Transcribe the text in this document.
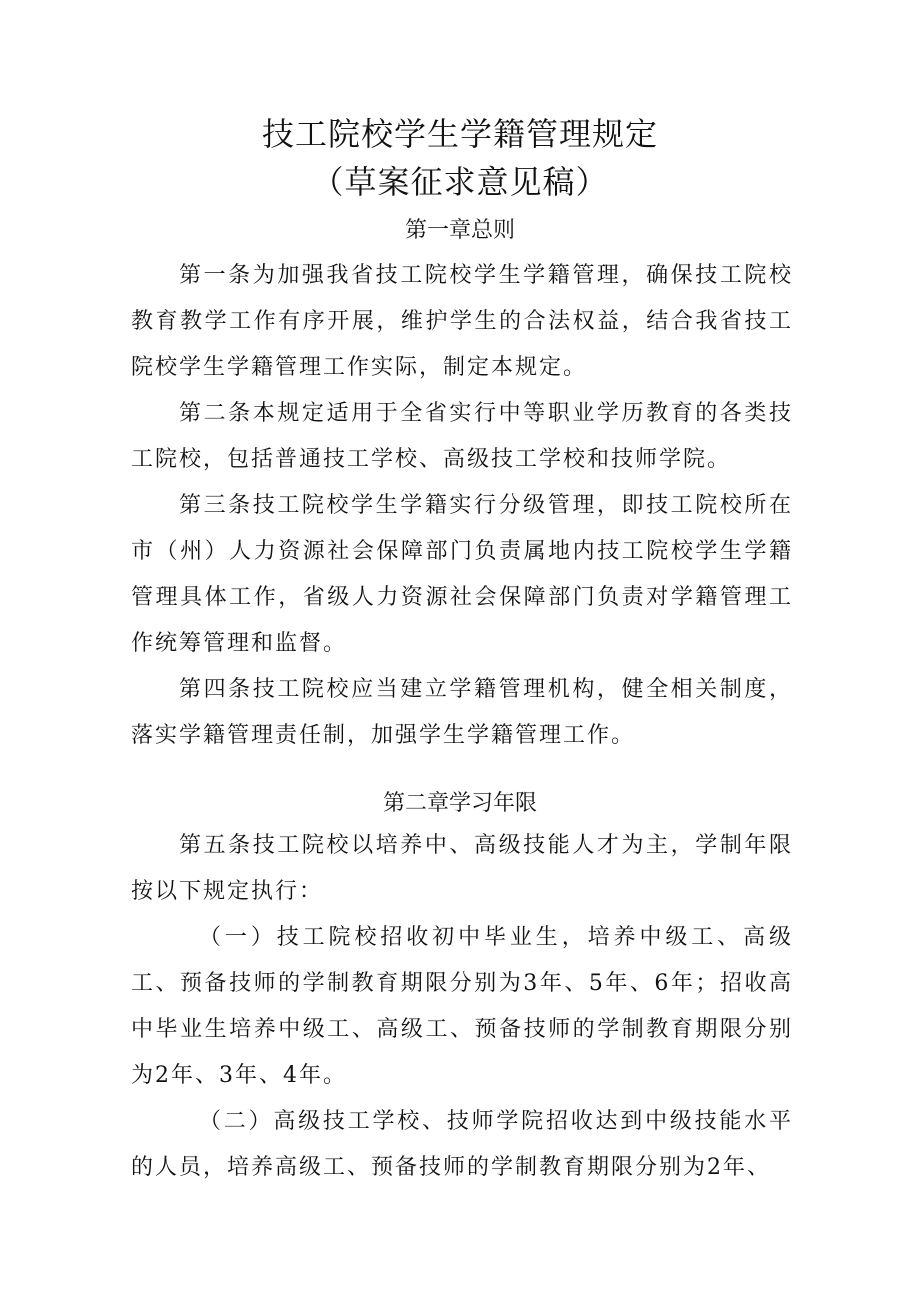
技工院校学生学籍管理规定
（草案征求意见稿）
第一章总则

第一条为加强我省技工院校学生学籍管理，确保技工院校教育教学工作有序开展，维护学生的合法权益，结合我省技工院校学生学籍管理工作实际，制定本规定。

第二条本规定适用于全省实行中等职业学历教育的各类技工院校，包括普通技工学校、高级技工学校和技师学院。

第三条技工院校学生学籍实行分级管理，即技工院校所在市（州）人力资源社会保障部门负责属地内技工院校学生学籍管理具体工作，省级人力资源社会保障部门负责对学籍管理工作统筹管理和监督。

第四条技工院校应当建立学籍管理机构，健全相关制度，落实学籍管理责任制，加强学生学籍管理工作。

第二章学习年限

第五条技工院校以培养中、高级技能人才为主，学制年限按以下规定执行：

（一）技工院校招收初中毕业生，培养中级工、高级工、预备技师的学制教育期限分别为3年、5年、6年；招收高中毕业生培养中级工、高级工、预备技师的学制教育期限分别为2年、3年、4年。

（二）高级技工学校、技师学院招收达到中级技能水平的人员，培养高级工、预备技师的学制教育期限分别为2年、
